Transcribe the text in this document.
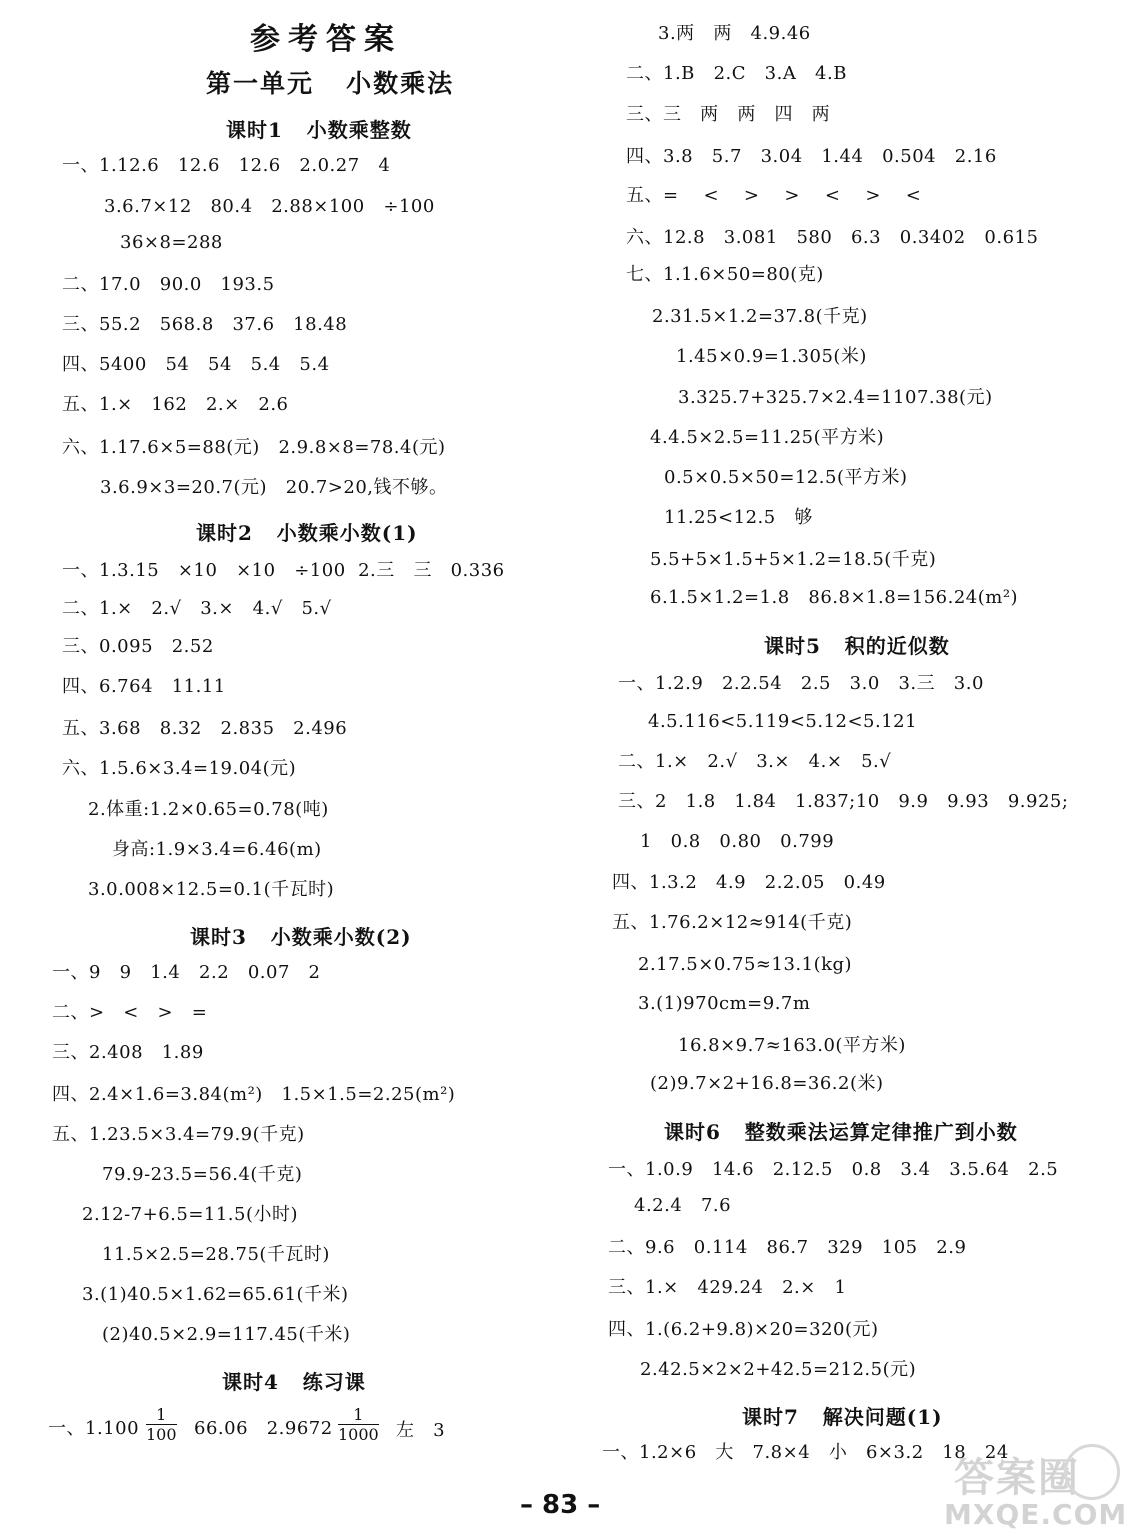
参考答案
第一单元   小数乘法
课时1   小数乘整数
一、1.12.6   12.6   12.6   2.0.27   4
3.6.7×12   80.4   2.88×100   ÷100
36×8=288
二、17.0   90.0   193.5
三、55.2   568.8   37.6   18.48
四、5400   54   54   5.4   5.4
五、1.×   162   2.×   2.6
六、1.17.6×5=88(元)   2.9.8×8=78.4(元)
3.6.9×3=20.7(元)   20.7>20,钱不够。
课时2   小数乘小数(1)
一、1.3.15   ×10   ×10   ÷100  2.三   三   0.336
二、1.×   2.√   3.×   4.√   5.√
三、0.095   2.52
四、6.764   11.11
五、3.68   8.32   2.835   2.496
六、1.5.6×3.4=19.04(元)
2.体重:1.2×0.65=0.78(吨)
身高:1.9×3.4=6.46(m)
3.0.008×12.5=0.1(千瓦时)
课时3   小数乘小数(2)
一、9   9   1.4   2.2   0.07   2
二、>   <   >   =
三、2.408   1.89
四、2.4×1.6=3.84(m²)   1.5×1.5=2.25(m²)
五、1.23.5×3.4=79.9(千克)
79.9-23.5=56.4(千克)
2.12-7+6.5=11.5(小时)
11.5×2.5=28.75(千瓦时)
3.(1)40.5×1.62=65.61(千米)
(2)40.5×2.9=117.45(千米)
课时4   练习课
一、1.100
1
100 66.06   2.9672
1
1000 左   3
3.两   两   4.9.46
二、1.B   2.C   3.A   4.B
三、三   两   两   四   两
四、3.8   5.7   3.04   1.44   0.504   2.16
五、=    <    >    >    <    >    <
六、12.8   3.081   580   6.3   0.3402   0.615
七、1.1.6×50=80(克)
2.31.5×1.2=37.8(千克)
1.45×0.9=1.305(米)
3.325.7+325.7×2.4=1107.38(元)
4.4.5×2.5=11.25(平方米)
0.5×0.5×50=12.5(平方米)
11.25<12.5   够
5.5+5×1.5+5×1.2=18.5(千克)
6.1.5×1.2=1.8   86.8×1.8=156.24(m²)
课时5   积的近似数
一、1.2.9   2.2.54   2.5   3.0   3.三   3.0
4.5.116<5.119<5.12<5.121
二、1.×   2.√   3.×   4.×   5.√
三、2   1.8   1.84   1.837;10   9.9   9.93   9.925;
1   0.8   0.80   0.799
四、1.3.2   4.9   2.2.05   0.49
五、1.76.2×12≈914(千克)
2.17.5×0.75≈13.1(kg)
3.(1)970cm=9.7m
16.8×9.7≈163.0(平方米)
(2)9.7×2+16.8=36.2(米)
课时6   整数乘法运算定律推广到小数
一、1.0.9   14.6   2.12.5   0.8   3.4   3.5.64   2.5
4.2.4   7.6
二、9.6   0.114   86.7   329   105   2.9
三、1.×   429.24   2.×   1
四、1.(6.2+9.8)×20=320(元)
2.42.5×2×2+42.5=212.5(元)
课时7   解决问题(1)
一、1.2×6   大   7.8×4   小   6×3.2   18   24
– 83 –
答案圈
MXQE.COM
